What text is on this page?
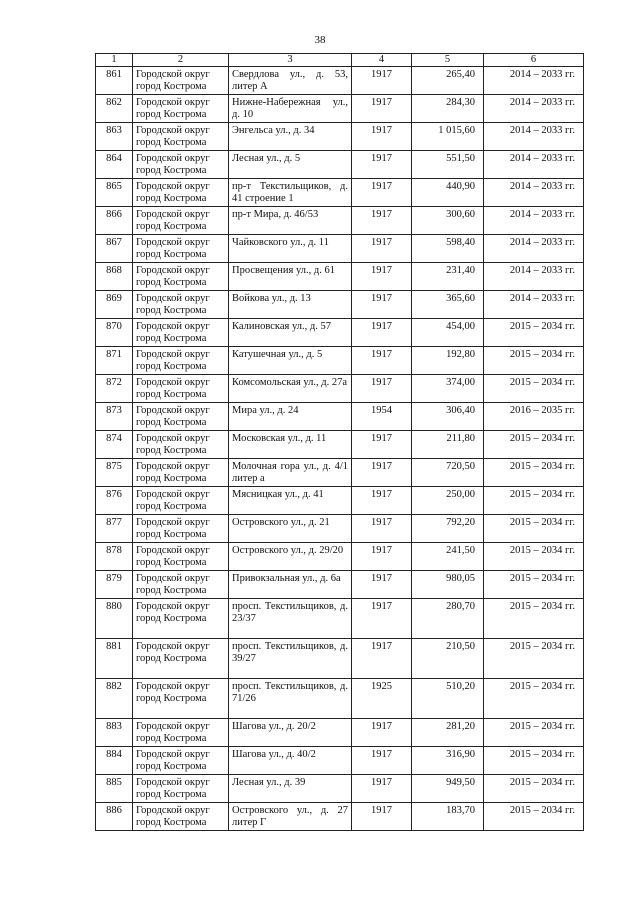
38
1	2	3	4	5	6

861	Городской округ город Кострома	Свердлова ул., д. 53, литер А	1917	265,40	2014 – 2033 гг.

862	Городской округ город Кострома	Нижне-Набережная ул., д. 10	1917	284,30	2014 – 2033 гг.

863	Городской округ город Кострома	Энгельса ул., д. 34	1917	1 015,60	2014 – 2033 гг.

864	Городской округ город Кострома	Лесная ул., д. 5	1917	551,50	2014 – 2033 гг.

865	Городской округ город Кострома	пр-т Текстильщиков, д. 41 строение 1	1917	440,90	2014 – 2033 гг.

866	Городской округ город Кострома	пр-т Мира, д. 46/53	1917	300,60	2014 – 2033 гг.

867	Городской округ город Кострома	Чайковского ул., д. 11	1917	598,40	2014 – 2033 гг.

868	Городской округ город Кострома	Просвещения ул., д. 61	1917	231,40	2014 – 2033 гг.

869	Городской округ город Кострома	Войкова ул., д. 13	1917	365,60	2014 – 2033 гг.

870	Городской округ город Кострома	Калиновская ул., д. 57	1917	454,00	2015 – 2034 гг.

871	Городской округ город Кострома	Катушечная ул., д. 5	1917	192,80	2015 – 2034 гг.

872	Городской округ город Кострома	Комсомольская ул., д. 27а	1917	374,00	2015 – 2034 гг.

873	Городской округ город Кострома	Мира ул., д. 24	1954	306,40	2016 – 2035 гг.

874	Городской округ город Кострома	Московская ул., д. 11	1917	211,80	2015 – 2034 гг.

875	Городской округ город Кострома	Молочная гора ул., д. 4/1 литер а	1917	720,50	2015 – 2034 гг.

876	Городской округ город Кострома	Мясницкая ул., д. 41	1917	250,00	2015 – 2034 гг.

877	Городской округ город Кострома	Островского ул., д. 21	1917	792,20	2015 – 2034 гг.

878	Городской округ город Кострома	Островского ул., д. 29/20	1917	241,50	2015 – 2034 гг.

879	Городской округ город Кострома	Привокзальная ул., д. 6а	1917	980,05	2015 – 2034 гг.

880	Городской округ город Кострома	просп. Текстильщиков, д. 23/37	1917	280,70	2015 – 2034 гг.

881	Городской округ город Кострома	просп. Текстильщиков, д. 39/27	1917	210,50	2015 – 2034 гг.

882	Городской округ город Кострома	просп. Текстильщиков, д. 71/26	1925	510,20	2015 – 2034 гг.

883	Городской округ город Кострома	Шагова ул., д. 20/2	1917	281,20	2015 – 2034 гг.

884	Городской округ город Кострома	Шагова ул., д. 40/2	1917	316,90	2015 – 2034 гг.

885	Городской округ город Кострома	Лесная ул., д. 39	1917	949,50	2015 – 2034 гг.

886	Городской округ город Кострома	Островского ул., д. 27 литер Г	1917	183,70	2015 – 2034 гг.
